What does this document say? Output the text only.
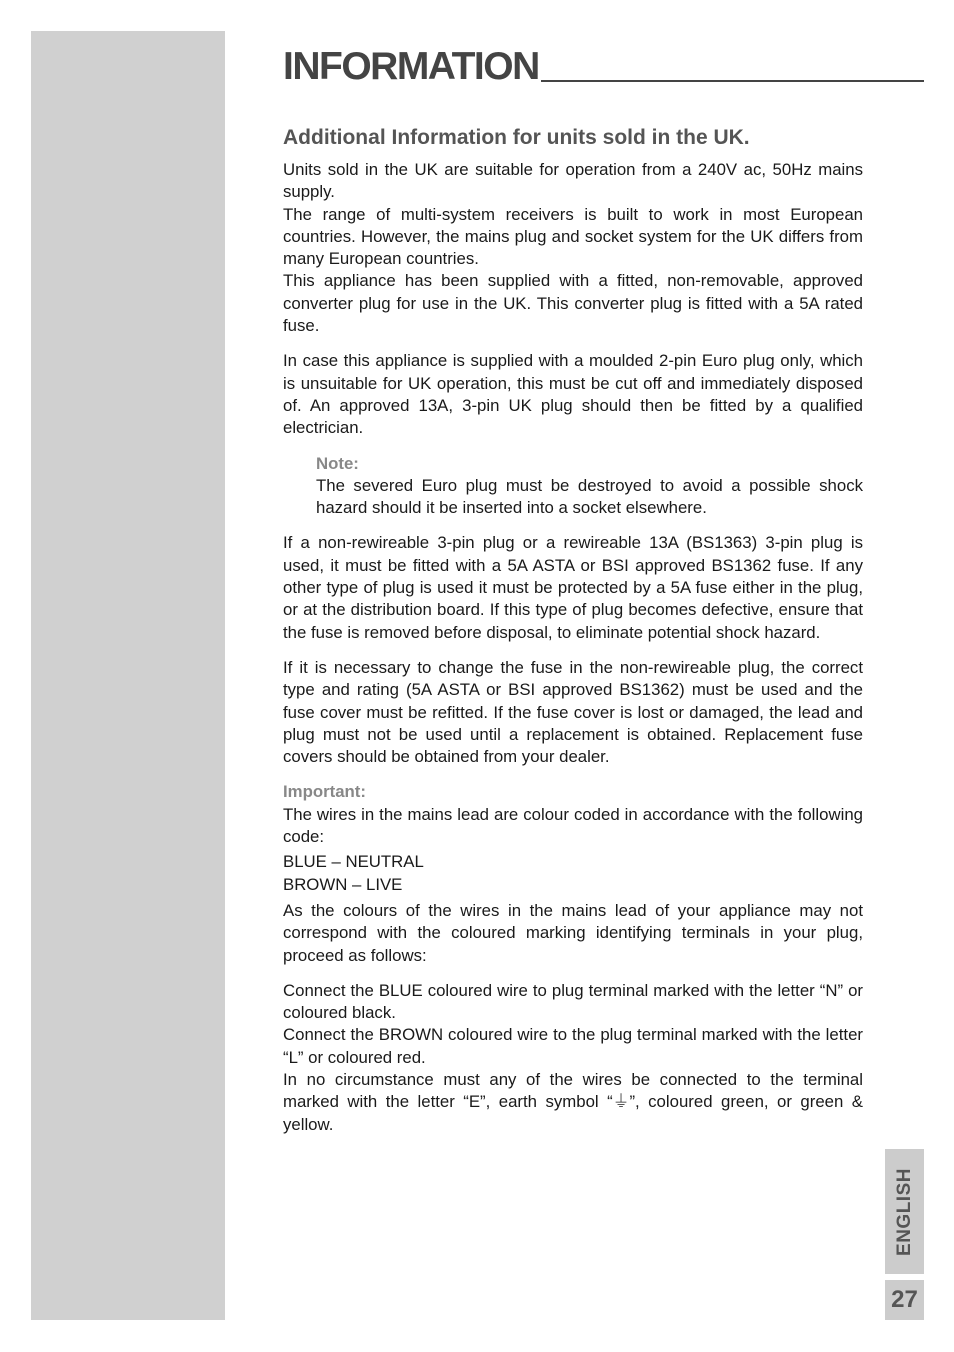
INFORMATION
Additional Information for units sold in the UK.

Units sold in the UK are suitable for operation from a 240V ac, 50Hz mains supply.

The range of multi-system receivers is built to work in most European countries. However, the mains plug and socket system for the UK differs from many European countries.

This appliance has been supplied with a fitted, non-removable, approved converter plug for use in the UK. This converter plug is fitted with a 5A rated fuse.

In case this appliance is supplied with a moulded 2-pin Euro plug only, which is unsuitable for UK operation, this must be cut off and immediately disposed of. An approved 13A, 3-pin UK plug should then be fitted by a qualified electrician.

Note:

The severed Euro plug must be destroyed to avoid a possible shock hazard should it be inserted into a socket elsewhere.

If a non-rewireable 3-pin plug or a rewireable 13A (BS1363) 3-pin plug is used, it must be fitted with a 5A ASTA or BSI approved BS1362 fuse. If any other type of plug is used it must be protected by a 5A fuse either in the plug, or at the distribution board. If this type of plug becomes defective, ensure that the fuse is removed before disposal, to eliminate potential shock hazard.

If it is necessary to change the fuse in the non-rewireable plug, the correct type and rating (5A ASTA or BSI approved BS1362) must be used and the fuse cover must be refitted. If the fuse cover is lost or damaged, the lead and plug must not be used until a replacement is obtained. Replacement fuse covers should be obtained from your dealer.

Important:

The wires in the mains lead are colour coded in accordance with the following code:

BLUE – NEUTRAL

BROWN – LIVE

As the colours of the wires in the mains lead of your appliance may not correspond with the coloured marking identifying terminals in your plug, proceed as follows:

Connect the BLUE coloured wire to plug terminal marked with the letter “N” or coloured black.

Connect the BROWN coloured wire to the plug terminal marked with the letter “L” or coloured red.

In no circumstance must any of the wires be connected to the terminal marked with the letter “E”, earth symbol “⏚”, coloured green, or green & yellow.

ENGLISH
27
